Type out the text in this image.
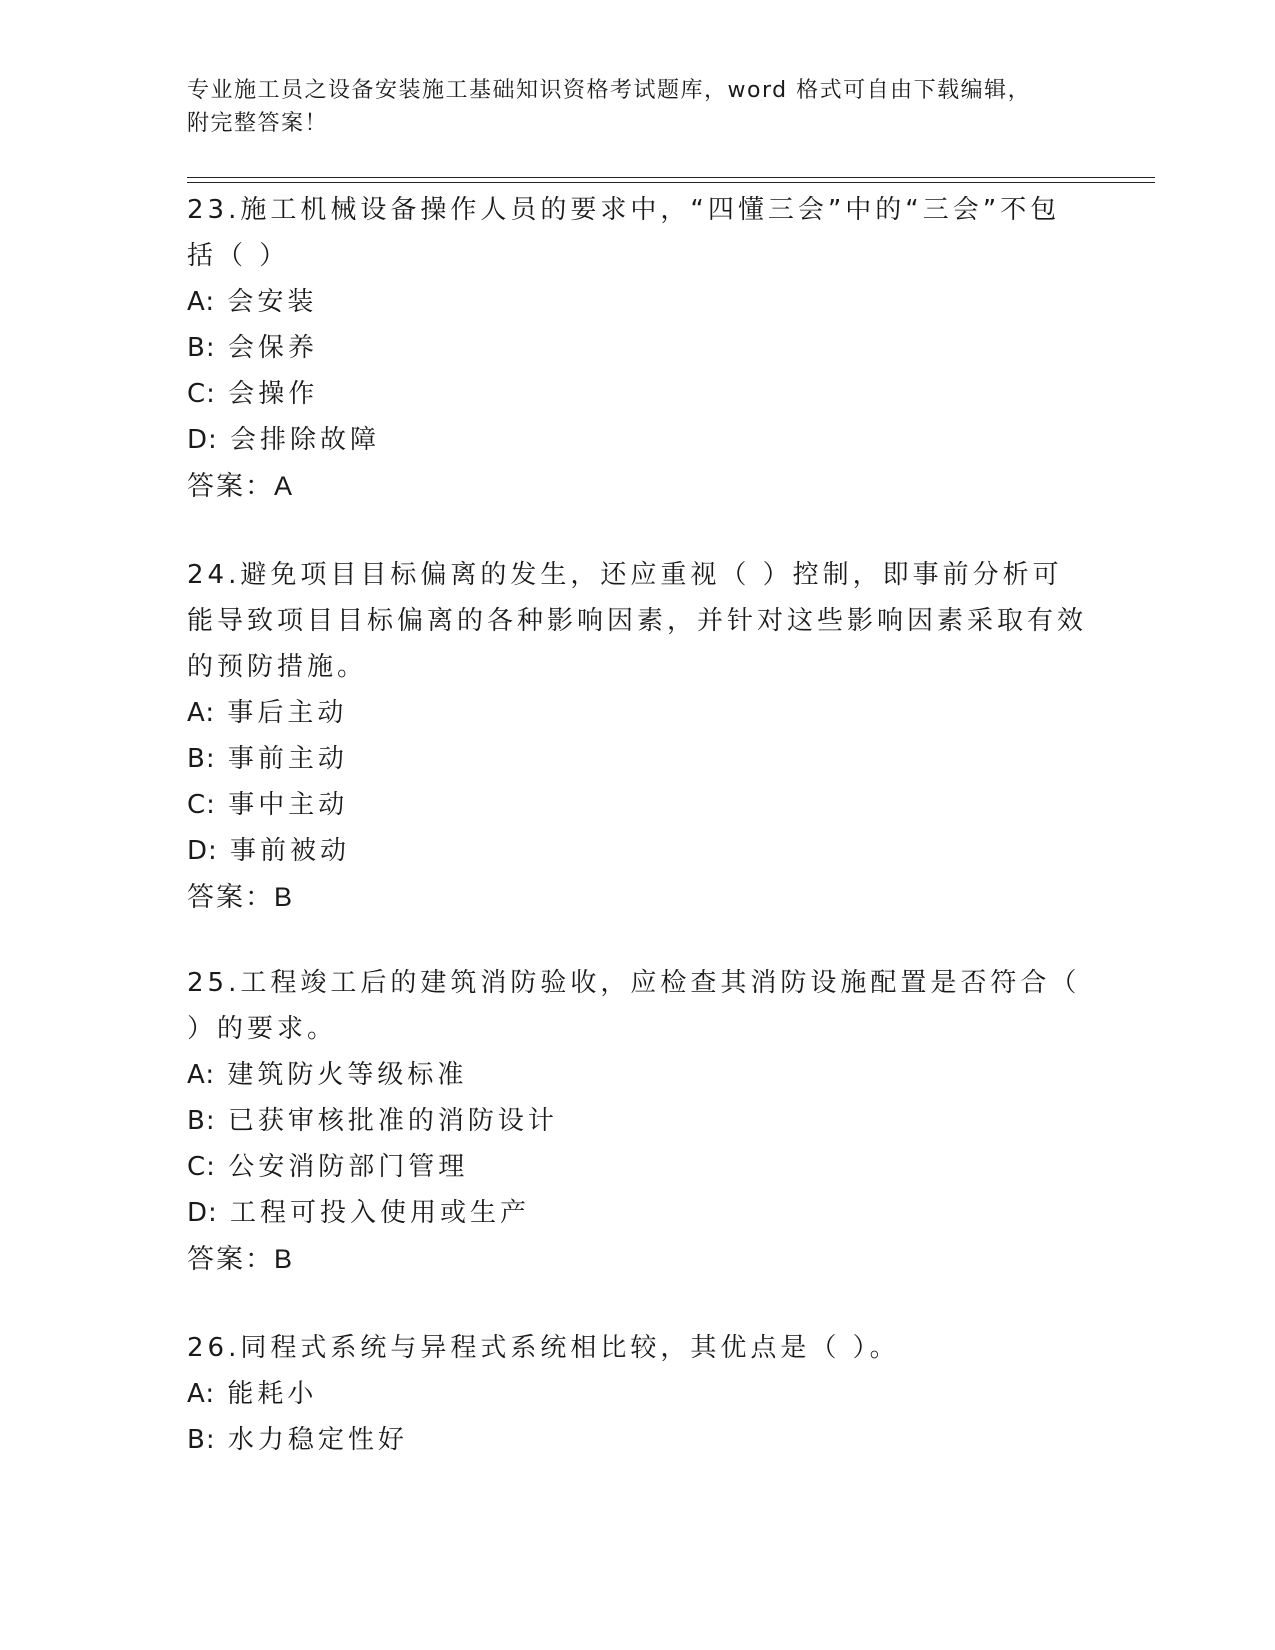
专业施工员之设备安装施工基础知识资格考试题库，word 格式可自由下载编辑，
附完整答案！

23.施工机械设备操作人员的要求中，“四懂三会”中的“三会”不包括（ ）

A: 会安装

B: 会保养

C: 会操作

D: 会排除故障

答案：A

24.避免项目目标偏离的发生，还应重视（ ）控制，即事前分析可能导致项目目标偏离的各种影响因素，并针对这些影响因素采取有效的预防措施。

A: 事后主动

B: 事前主动

C: 事中主动

D: 事前被动

答案：B

25.工程竣工后的建筑消防验收，应检查其消防设施配置是否符合（ ）的要求。

A: 建筑防火等级标准

B: 已获审核批准的消防设计

C: 公安消防部门管理

D: 工程可投入使用或生产

答案：B

26.同程式系统与异程式系统相比较，其优点是（ ）。

A: 能耗小

B: 水力稳定性好
